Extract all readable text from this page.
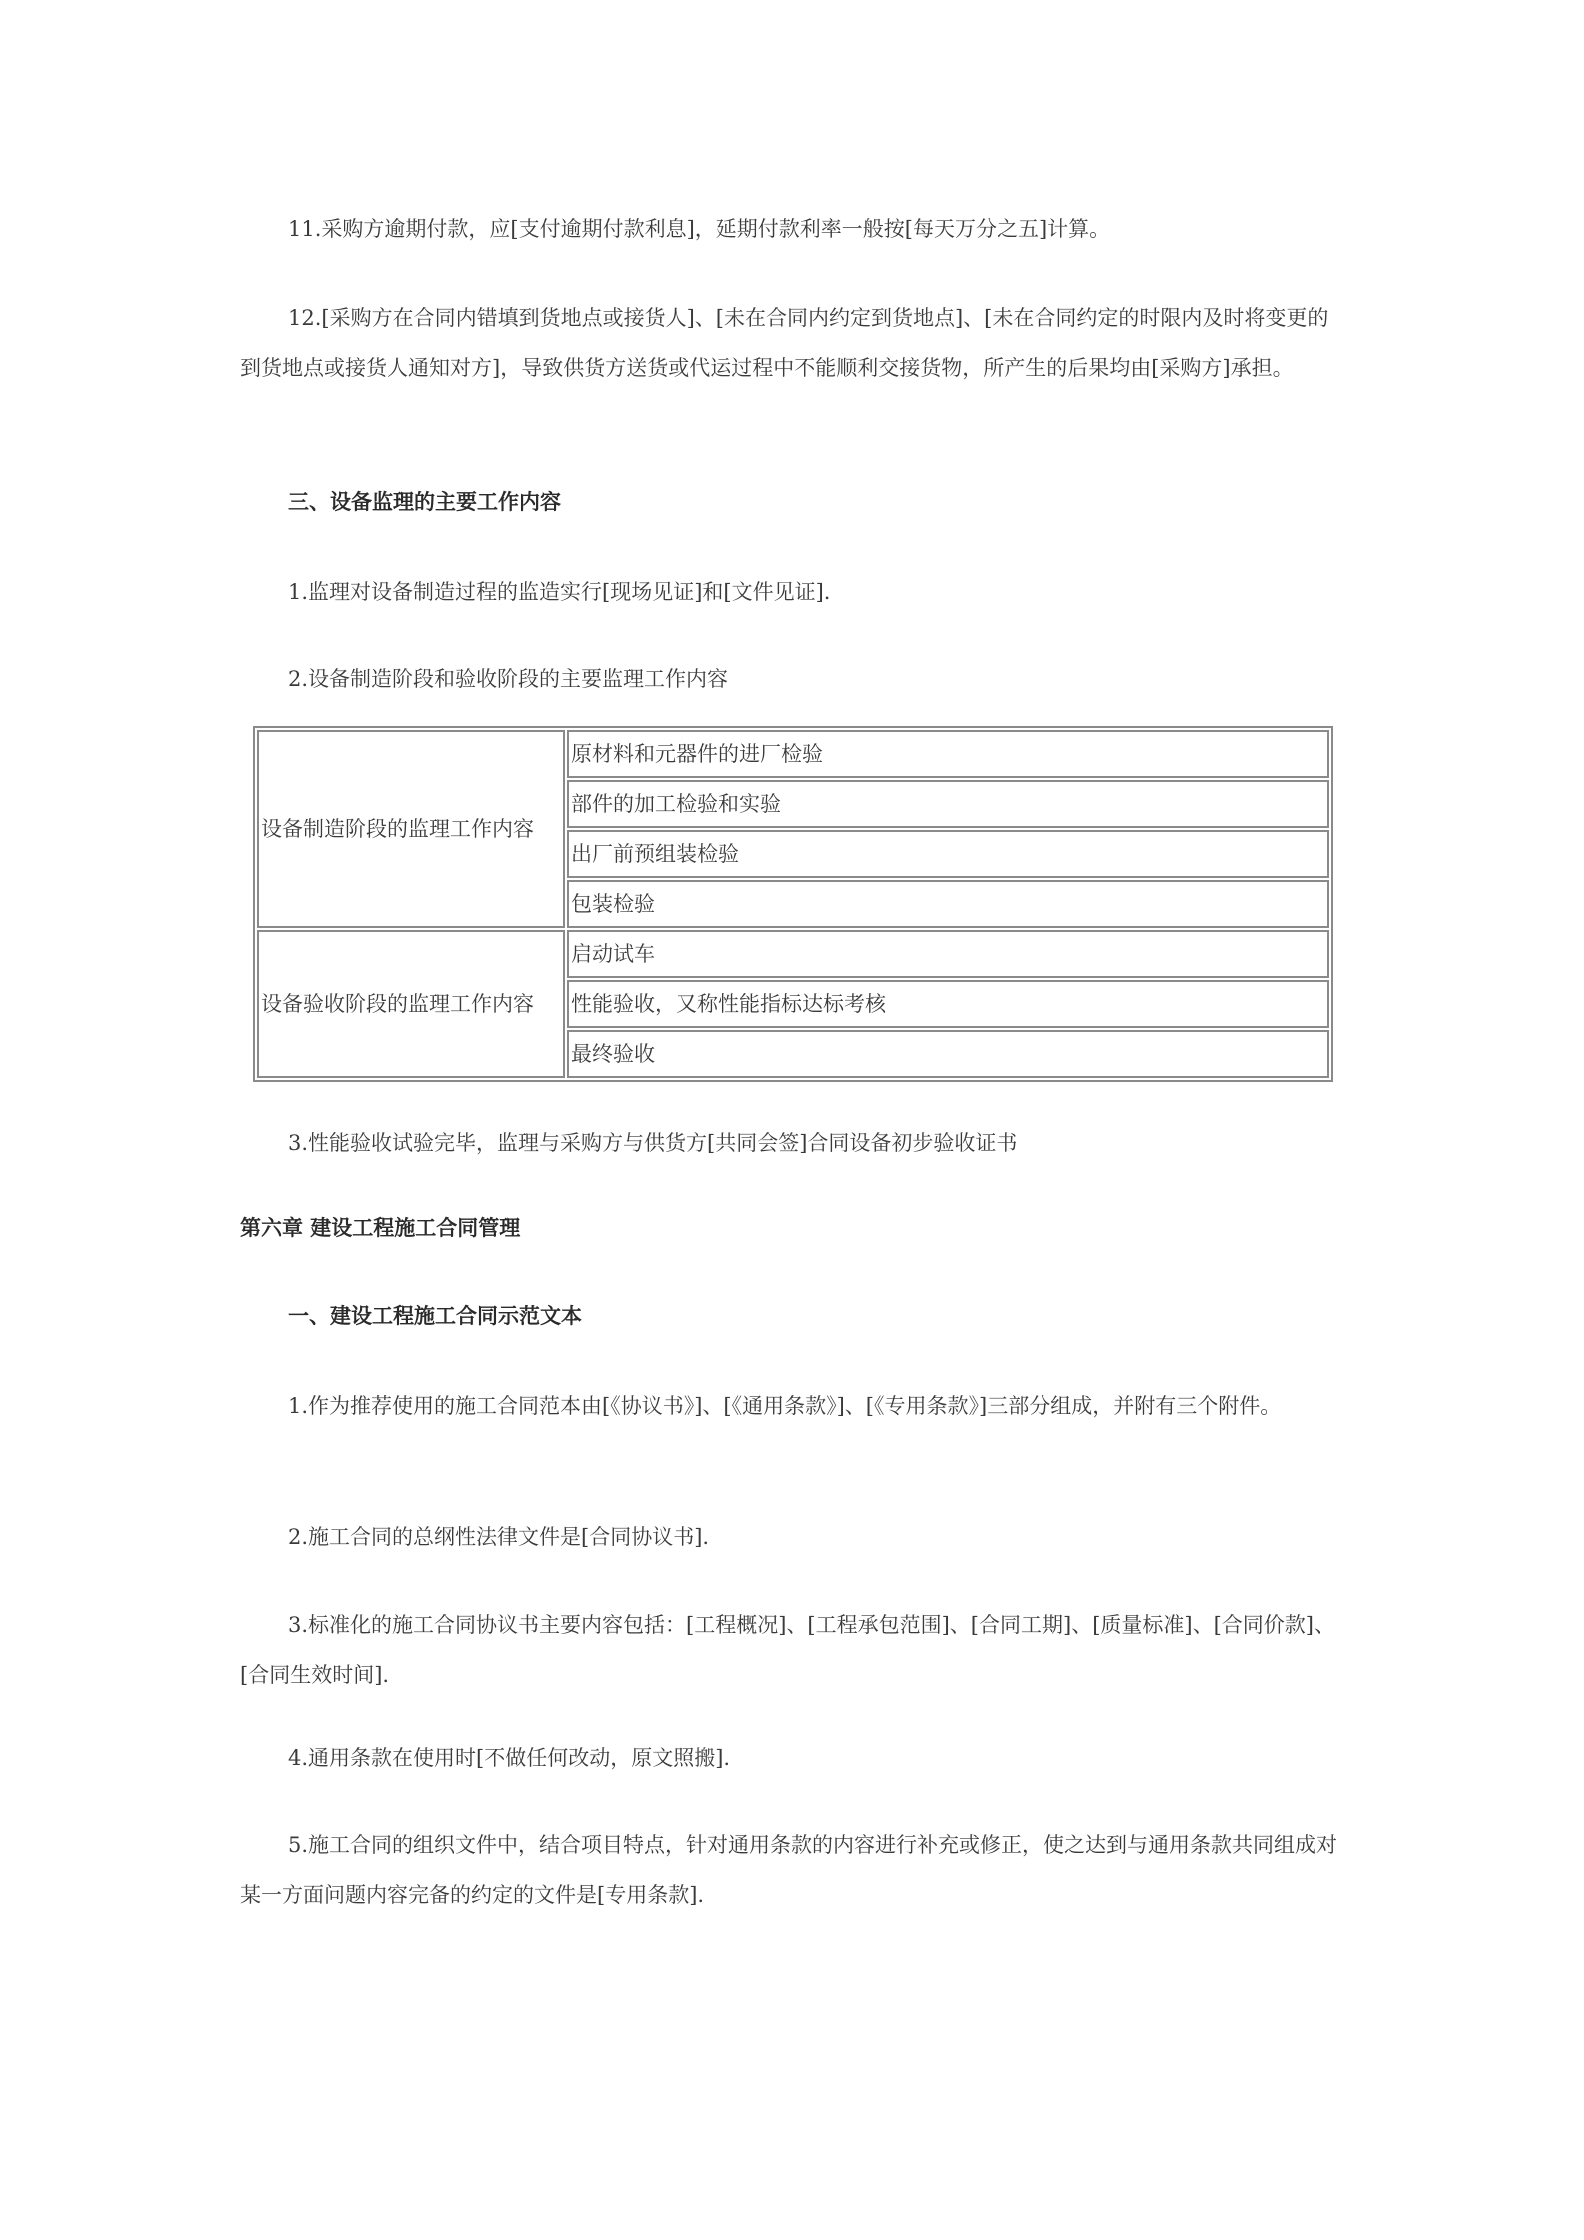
11.采购方逾期付款，应[支付逾期付款利息]，延期付款利率一般按[每天万分之五]计算。

12.[采购方在合同内错填到货地点或接货人]、[未在合同内约定到货地点]、[未在合同约定的时限内及时将变更的到货地点或接货人通知对方]，导致供货方送货或代运过程中不能顺利交接货物，所产生的后果均由[采购方]承担。

三、设备监理的主要工作内容

1.监理对设备制造过程的监造实行[现场见证]和[文件见证].

2.设备制造阶段和验收阶段的主要监理工作内容

设备制造阶段的监理工作内容	原材料和元器件的进厂检验
	部件的加工检验和实验
	出厂前预组装检验
	包装检验
设备验收阶段的监理工作内容	启动试车
	性能验收，又称性能指标达标考核
	最终验收

3.性能验收试验完毕，监理与采购方与供货方[共同会签]合同设备初步验收证书

第六章 建设工程施工合同管理

一、建设工程施工合同示范文本

1.作为推荐使用的施工合同范本由[《协议书》]、[《通用条款》]、[《专用条款》]三部分组成，并附有三个附件。

2.施工合同的总纲性法律文件是[合同协议书].

3.标准化的施工合同协议书主要内容包括：[工程概况]、[工程承包范围]、[合同工期]、[质量标准]、[合同价款]、[合同生效时间].

4.通用条款在使用时[不做任何改动，原文照搬].

5.施工合同的组织文件中，结合项目特点，针对通用条款的内容进行补充或修正，使之达到与通用条款共同组成对某一方面问题内容完备的约定的文件是[专用条款].
